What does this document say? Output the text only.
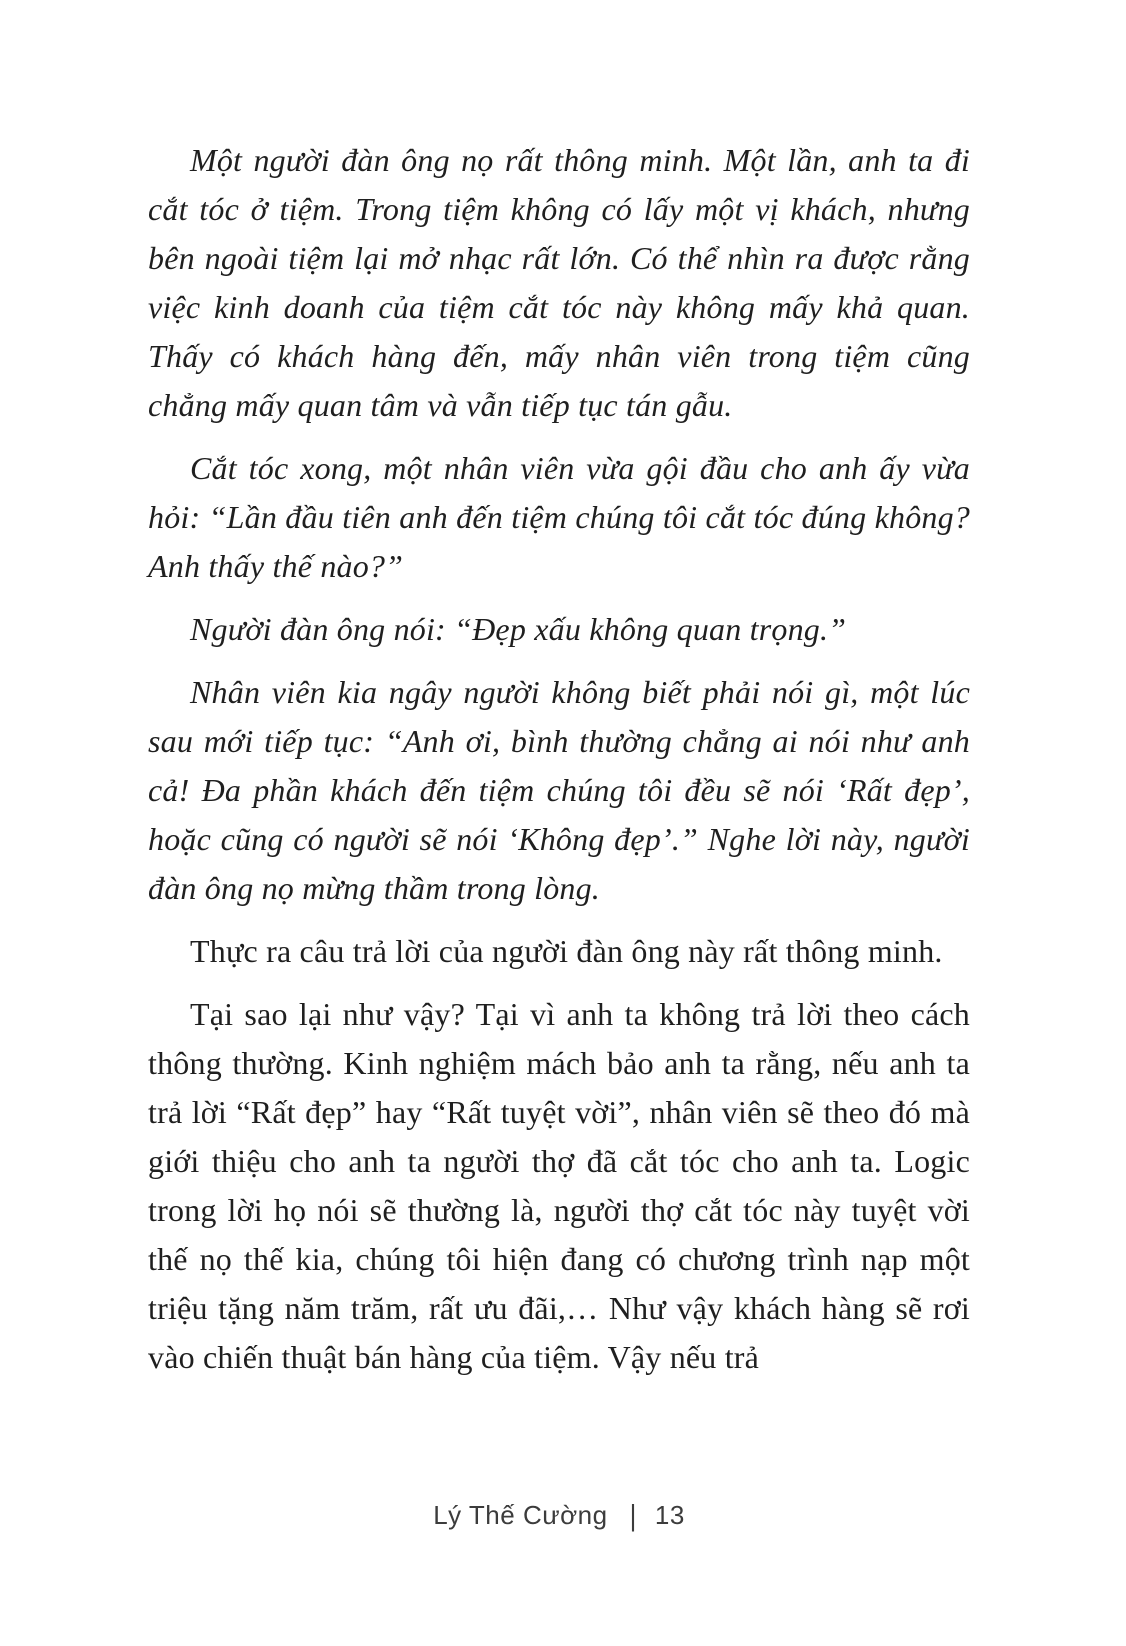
Một người đàn ông nọ rất thông minh. Một lần, anh ta đi cắt tóc ở tiệm. Trong tiệm không có lấy một vị khách, nhưng bên ngoài tiệm lại mở nhạc rất lớn. Có thể nhìn ra được rằng việc kinh doanh của tiệm cắt tóc này không mấy khả quan. Thấy có khách hàng đến, mấy nhân viên trong tiệm cũng chẳng mấy quan tâm và vẫn tiếp tục tán gẫu.

Cắt tóc xong, một nhân viên vừa gội đầu cho anh ấy vừa hỏi: “Lần đầu tiên anh đến tiệm chúng tôi cắt tóc đúng không? Anh thấy thế nào?”

Người đàn ông nói: “Đẹp xấu không quan trọng.”

Nhân viên kia ngây người không biết phải nói gì, một lúc sau mới tiếp tục: “Anh ơi, bình thường chẳng ai nói như anh cả! Đa phần khách đến tiệm chúng tôi đều sẽ nói ‘Rất đẹp’, hoặc cũng có người sẽ nói ‘Không đẹp’.” Nghe lời này, người đàn ông nọ mừng thầm trong lòng.

Thực ra câu trả lời của người đàn ông này rất thông minh.

Tại sao lại như vậy? Tại vì anh ta không trả lời theo cách thông thường. Kinh nghiệm mách bảo anh ta rằng, nếu anh ta trả lời “Rất đẹp” hay “Rất tuyệt vời”, nhân viên sẽ theo đó mà giới thiệu cho anh ta người thợ đã cắt tóc cho anh ta. Logic trong lời họ nói sẽ thường là, người thợ cắt tóc này tuyệt vời thế nọ thế kia, chúng tôi hiện đang có chương trình nạp một triệu tặng năm trăm, rất ưu đãi,… Như vậy khách hàng sẽ rơi vào chiến thuật bán hàng của tiệm. Vậy nếu trả

Lý Thế Cường | 13
